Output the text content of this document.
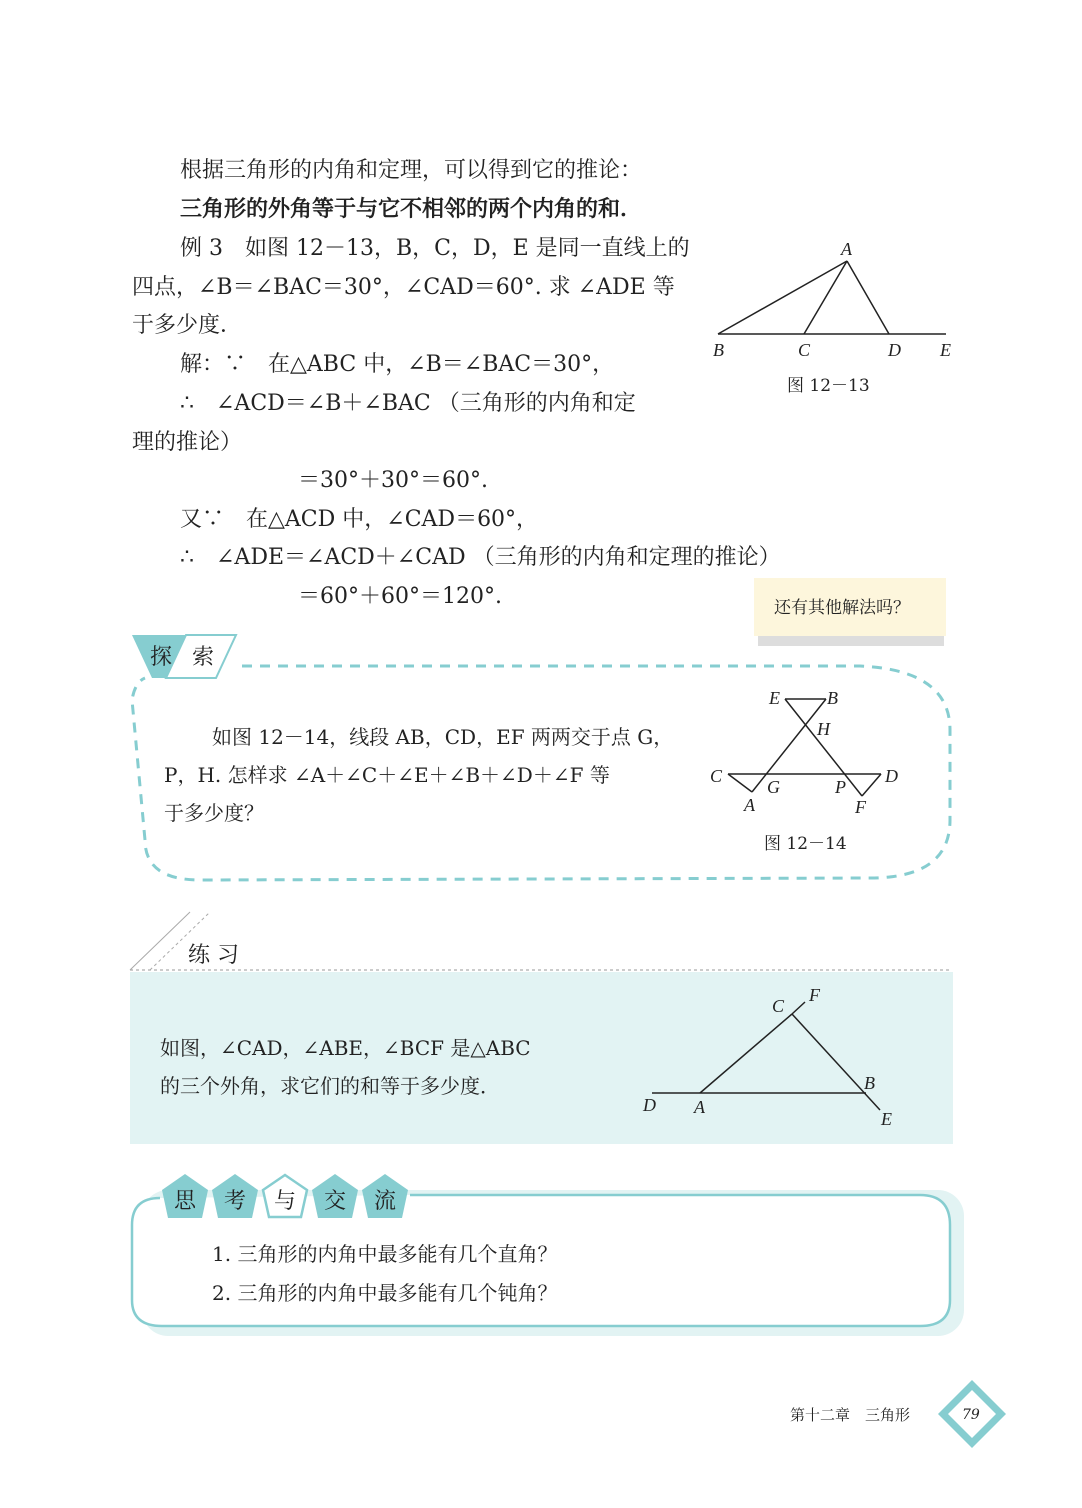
根据三角形的内角和定理，可以得到它的推论：
三角形的外角等于与它不相邻的两个内角的和．
例 3　如图 12－13，B，C，D，E 是同一直线上的
四点，∠B＝∠BAC＝30°，∠CAD＝60°. 求 ∠ADE 等
于多少度．
解：∵　在△ABC 中，∠B＝∠BAC＝30°，
∴　∠ACD＝∠B＋∠BAC （三角形的内角和定
理的推论）
＝30°＋30°＝60°.
又∵　在△ACD 中，∠CAD＝60°，
∴　∠ADE＝∠ACD＋∠CAD （三角形的内角和定理的推论）
＝60°＋60°＝120°.	还有其他解法吗？
A
B	C	D E
图 12－13
探 索
如图 12－14，线段 AB，CD，EF 两两交于点 G，
P，H. 怎样求 ∠A＋∠C＋∠E＋∠B＋∠D＋∠F 等
于多少度？
E	B
H
C
G	P
D
A	F
图 12－14
练 习
如图，∠CAD，∠ABE，∠BCF 是△ABC
的三个外角，求它们的和等于多少度．
C
F
B
D A
E
思	考	与	交	流
1. 三角形的内角中最多能有几个直角？
2. 三角形的内角中最多能有几个钝角？
第十二章　三角形	79
